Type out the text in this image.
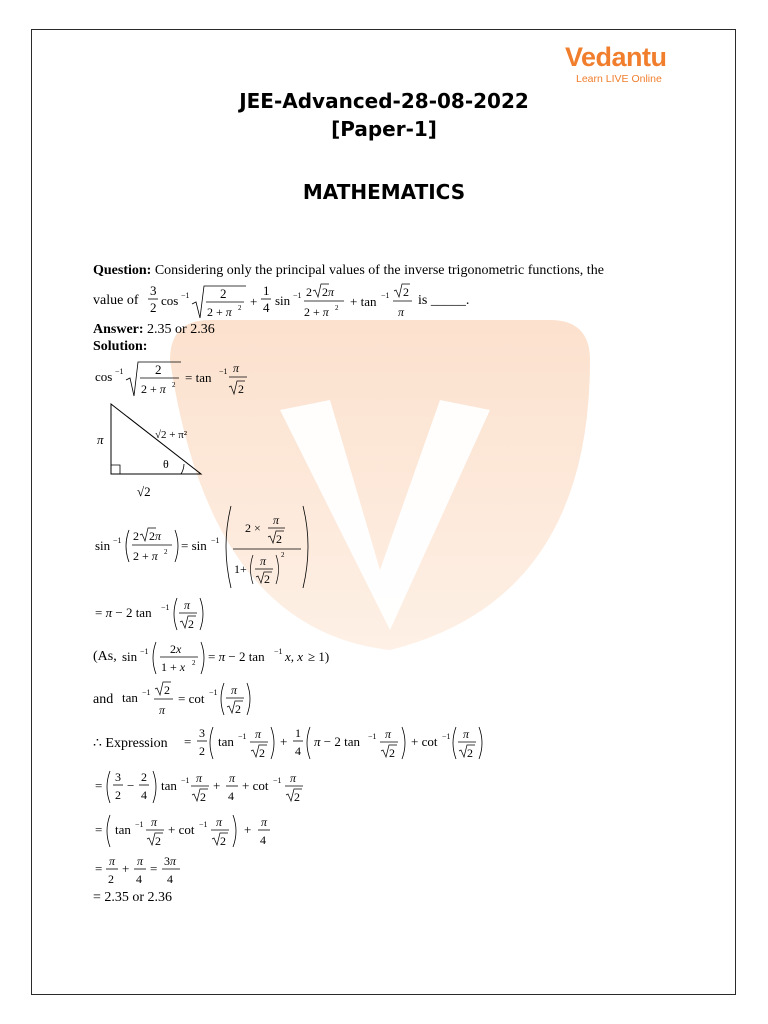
Vedantu
Learn LIVE Online
JEE-Advanced-28-08-2022
[Paper-1]
MATHEMATICS
Question: Considering only the principal values of the inverse trigonometric functions, the
value of
3
2 cos −1 2
2 + π 2 +
1
4 sin −1 2 2π
2 + π 2 + tan −1 2
π
is _____.
Answer: 2.35 or 2.36
Solution:
cos −1 2
2 + π 2 = tan −1 π
2
π
θ
√2
√2 + π²
sin −1 2 2π
2 + π 2 = sin −1
2 ×
π
2
1+
π
2
2
= π − 2 tan −1 π
2
(As, sin −1 2x
1 + x 2 = π − 2 tan −1 x, x ≥ 1)
and tan −1 2
π
= cot −1 π
2
∴ Expression =
3
2
tan −1 π
2
+
1
4
π − 2 tan −1 π
2
+ cot −1 π
2
=
3
2
−
2
4
tan −1 π
2
+ π
4
+ cot −1 π
2
= tan −1 π
2
+ cot −1 π
2
+ π
4
= π
2
+ π
4
= 3π
4
= 2.35 or 2.36
